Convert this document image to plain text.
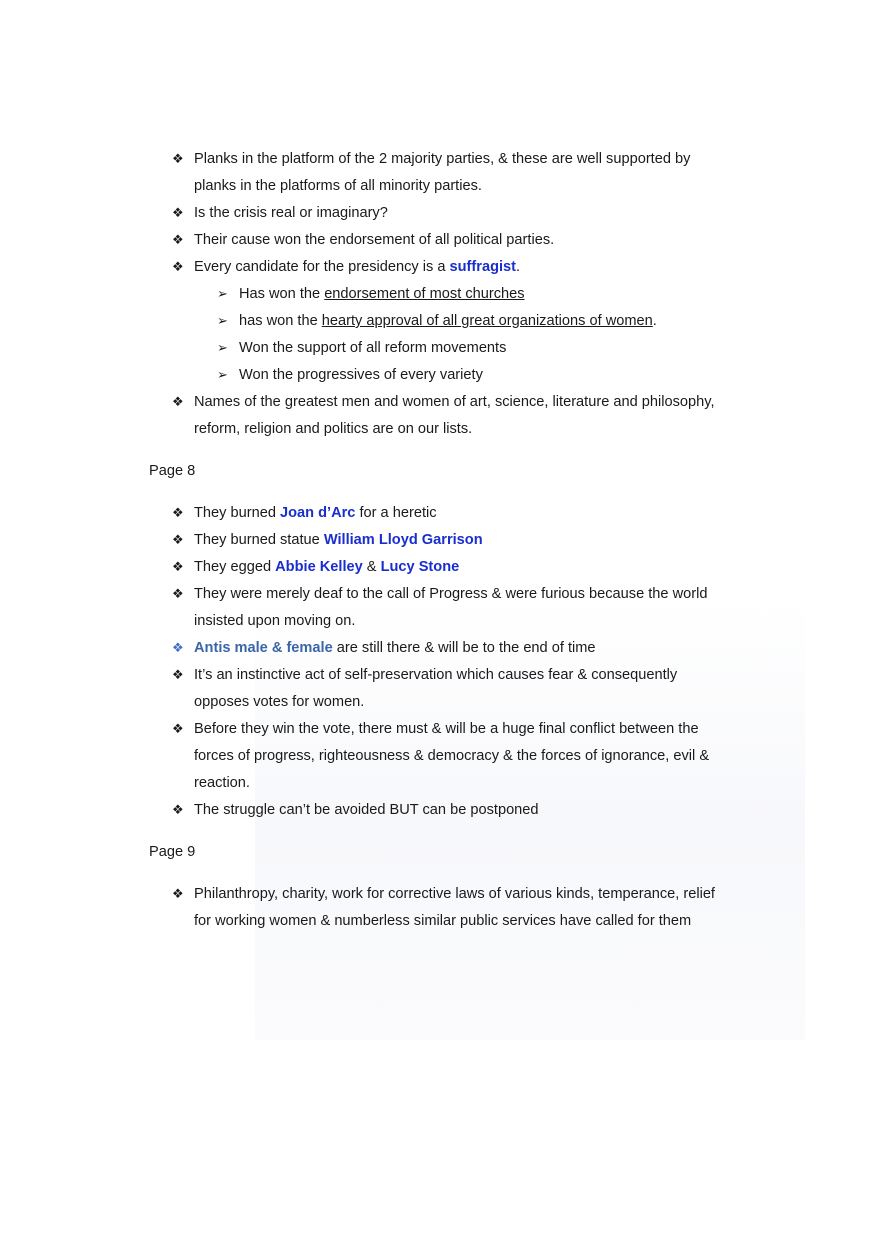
❖ Planks in the platform of the 2 majority parties, & these are well supported by
planks in the platforms of all minority parties.
❖ Is the crisis real or imaginary?
❖ Their cause won the endorsement of all political parties.
❖ Every candidate for the presidency is a suffragist.
➢ Has won the endorsement of most churches
➢ has won the hearty approval of all great organizations of women.
➢ Won the support of all reform movements
➢ Won the progressives of every variety
❖ Names of the greatest men and women of art, science, literature and philosophy,
reform, religion and politics are on our lists.
Page 8
❖ They burned Joan d’Arc for a heretic
❖ They burned statue William Lloyd Garrison
❖ They egged Abbie Kelley & Lucy Stone
❖ They were merely deaf to the call of Progress & were furious because the world
insisted upon moving on.
❖ Antis male & female are still there & will be to the end of time
❖ It’s an instinctive act of self-preservation which causes fear & consequently
opposes votes for women.
❖ Before they win the vote, there must & will be a huge final conflict between the
forces of progress, righteousness & democracy & the forces of ignorance, evil &
reaction.
❖ The struggle can’t be avoided BUT can be postponed
Page 9
❖ Philanthropy, charity, work for corrective laws of various kinds, temperance, relief
for working women & numberless similar public services have called for them
